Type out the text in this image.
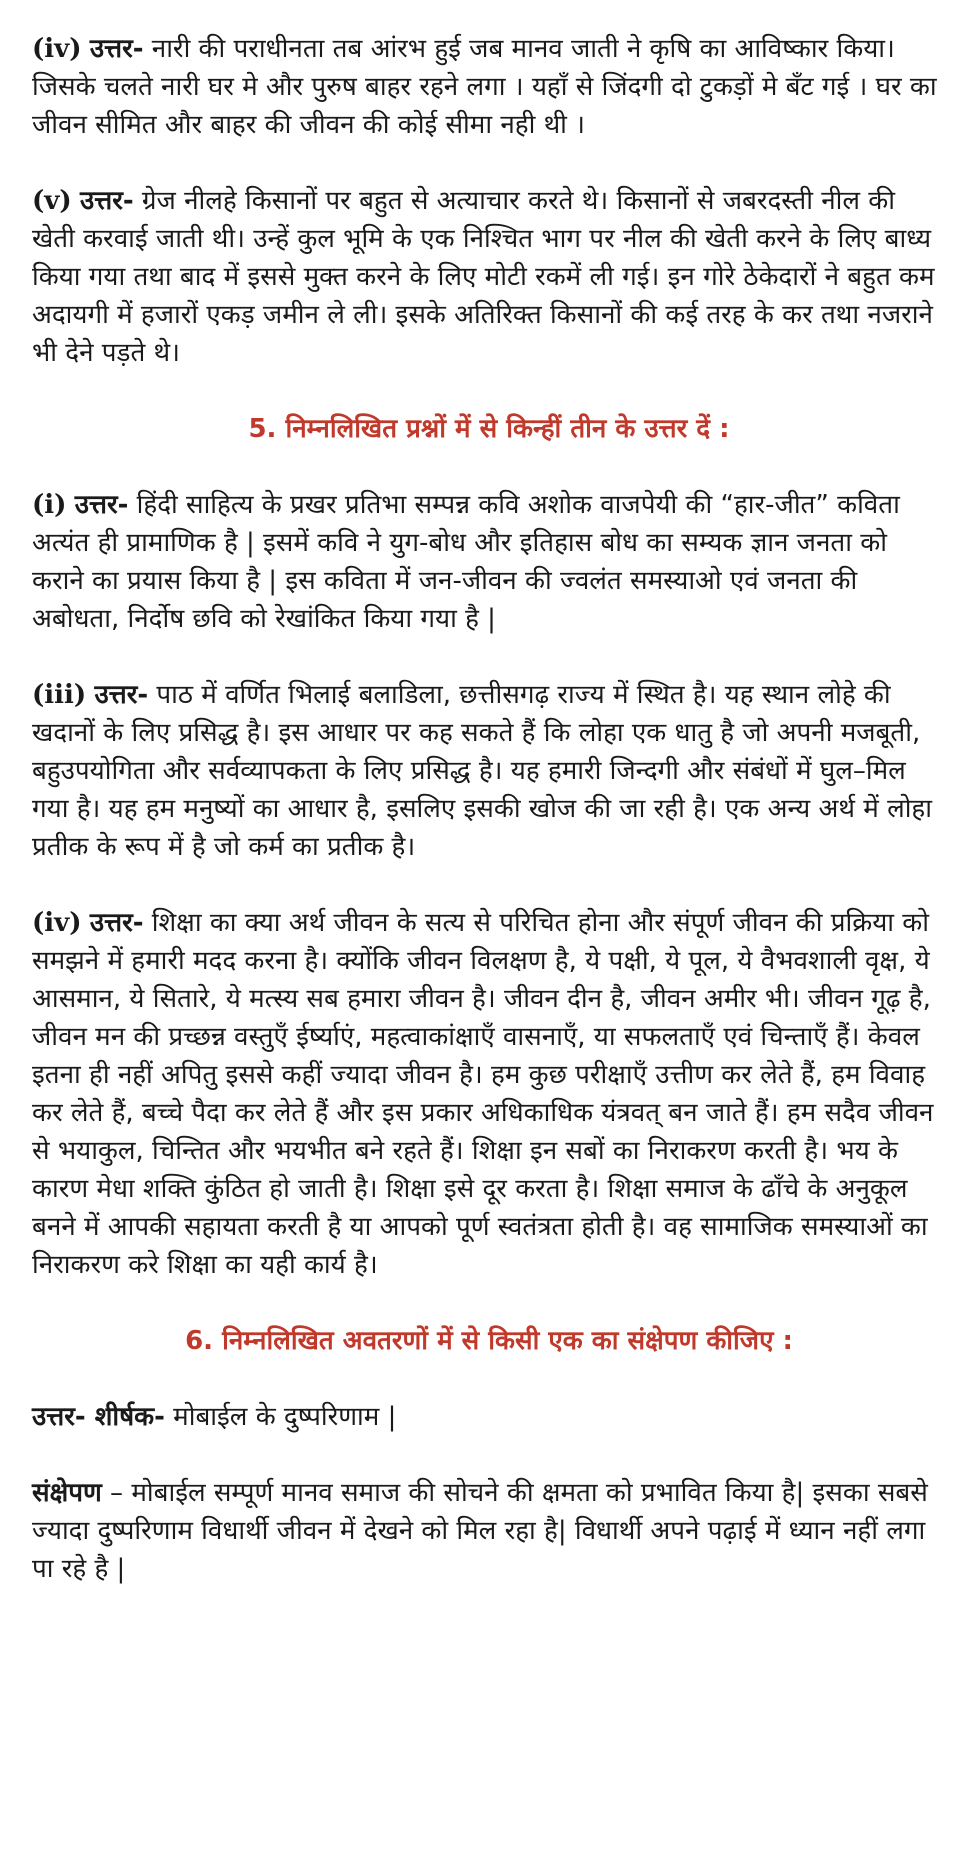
(iv) उत्तर- नारी की पराधीनता तब आंरभ हुई जब मानव जाती ने कृषि का आविष्कार किया। जिसके चलते नारी घर मे और पुरुष बाहर रहने लगा । यहाँ से जिंदगी दो टुकड़ों मे बँट गई । घर का जीवन सीमित और बाहर की जीवन की कोई सीमा नही थी ।

(v) उत्तर- ग्रेज नीलहे किसानों पर बहुत से अत्याचार करते थे। किसानों से जबरदस्ती नील की खेती करवाई जाती थी। उन्हें कुल भूमि के एक निश्चित भाग पर नील की खेती करने के लिए बाध्य किया गया तथा बाद में इससे मुक्त करने के लिए मोटी रकमें ली गई। इन गोरे ठेकेदारों ने बहुत कम अदायगी में हजारों एकड़ जमीन ले ली। इसके अतिरिक्त किसानों की कई तरह के कर तथा नजराने भी देने पड़ते थे।

5. निम्नलिखित प्रश्नों में से किन्हीं तीन के उत्तर दें :

(i) उत्तर- हिंदी साहित्य के प्रखर प्रतिभा सम्पन्न कवि अशोक वाजपेयी की “हार-जीत” कविता अत्यंत ही प्रामाणिक है | इसमें कवि ने युग-बोध और इतिहास बोध का सम्यक ज्ञान जनता को कराने का प्रयास किया है | इस कविता में जन-जीवन की ज्वलंत समस्याओ एवं जनता की अबोधता, निर्दोष छवि को रेखांकित किया गया है |

(iii) उत्तर- पाठ में वर्णित भिलाई बलाडिला, छत्तीसगढ़ राज्य में स्थित है। यह स्थान लोहे की खदानों के लिए प्रसिद्ध है। इस आधार पर कह सकते हैं कि लोहा एक धातु है जो अपनी मजबूती, बहुउपयोगिता और सर्वव्यापकता के लिए प्रसिद्ध है। यह हमारी जिन्दगी और संबंधों में घुल–मिल गया है। यह हम मनुष्यों का आधार है, इसलिए इसकी खोज की जा रही है। एक अन्य अर्थ में लोहा प्रतीक के रूप में है जो कर्म का प्रतीक है।

(iv) उत्तर- शिक्षा का क्या अर्थ जीवन के सत्य से परिचित होना और संपूर्ण जीवन की प्रक्रिया को समझने में हमारी मदद करना है। क्योंकि जीवन विलक्षण है, ये पक्षी, ये पूल, ये वैभवशाली वृक्ष, ये आसमान, ये सितारे, ये मत्स्य सब हमारा जीवन है। जीवन दीन है, जीवन अमीर भी। जीवन गूढ़ है, जीवन मन की प्रच्छन्न वस्तुएँ ईर्ष्याएं, महत्वाकांक्षाएँ वासनाएँ, या सफलताएँ एवं चिन्ताएँ हैं। केवल इतना ही नहीं अपितु इससे कहीं ज्यादा जीवन है। हम कुछ परीक्षाएँ उत्तीण कर लेते हैं, हम विवाह कर लेते हैं, बच्चे पैदा कर लेते हैं और इस प्रकार अधिकाधिक यंत्रवत् बन जाते हैं। हम सदैव जीवन से भयाकुल, चिन्तित और भयभीत बने रहते हैं। शिक्षा इन सबों का निराकरण करती है। भय के कारण मेधा शक्ति कुंठित हो जाती है। शिक्षा इसे दूर करता है। शिक्षा समाज के ढाँचे के अनुकूल बनने में आपकी सहायता करती है या आपको पूर्ण स्वतंत्रता होती है। वह सामाजिक समस्याओं का निराकरण करे शिक्षा का यही कार्य है।

6. निम्नलिखित अवतरणों में से किसी एक का संक्षेपण कीजिए :

उत्तर- शीर्षक- मोबाईल के दुष्परिणाम |

संक्षेपण – मोबाईल सम्पूर्ण मानव समाज की सोचने की क्षमता को प्रभावित किया है| इसका सबसे ज्यादा दुष्परिणाम विधार्थी जीवन में देखने को मिल रहा है| विधार्थी अपने पढ़ाई में ध्यान नहीं लगा पा रहे है |
